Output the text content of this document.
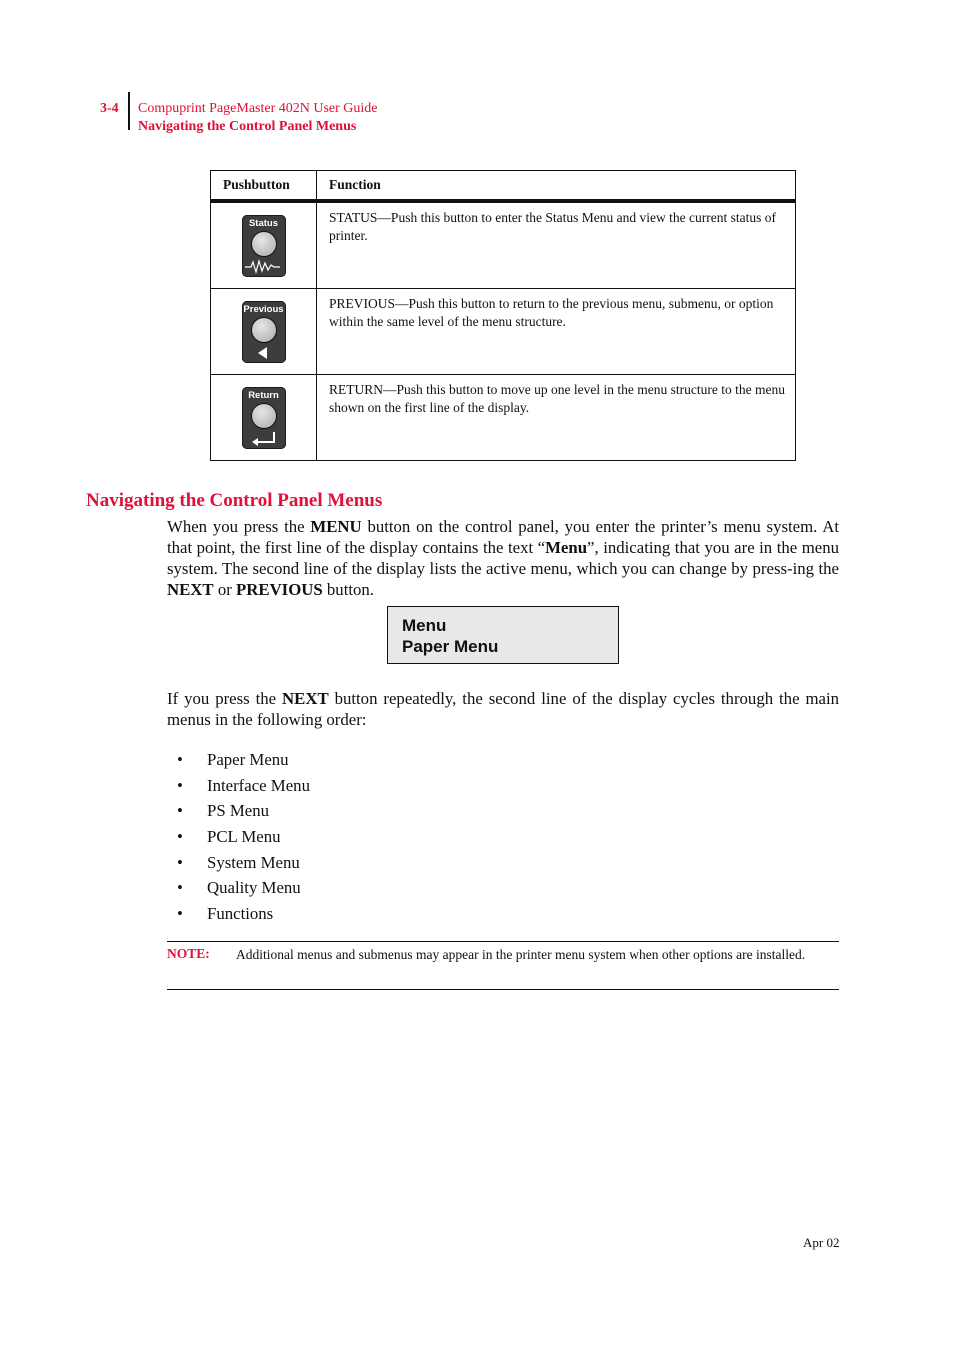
3-4 Compuprint PageMaster 402N User Guide
Navigating the Control Panel Menus
Pushbutton	Function

Status	STATUS—Push this button to enter the Status Menu and view the current status of printer.

Previous	PREVIOUS—Push this button to return to the previous menu, submenu, or option within the same level of the menu structure.

Return	RETURN—Push this button to move up one level in the menu structure to the menu shown on the first line of the display.
Navigating the Control Panel Menus
When you press the MENU button on the control panel, you enter the printer’s menu system. At that point, the first line of the display contains the text “Menu”, indicating that you are in the menu system. The second line of the display lists the active menu, which you can change by press-ing the NEXT or PREVIOUS button.
Menu
Paper Menu
If you press the NEXT button repeatedly, the second line of the display cycles through the main menus in the following order:
• Paper Menu
• Interface Menu
• PS Menu
• PCL Menu
• System Menu
• Quality Menu
• Functions
NOTE: Additional menus and submenus may appear in the printer menu system when other options are installed.
Apr 02
